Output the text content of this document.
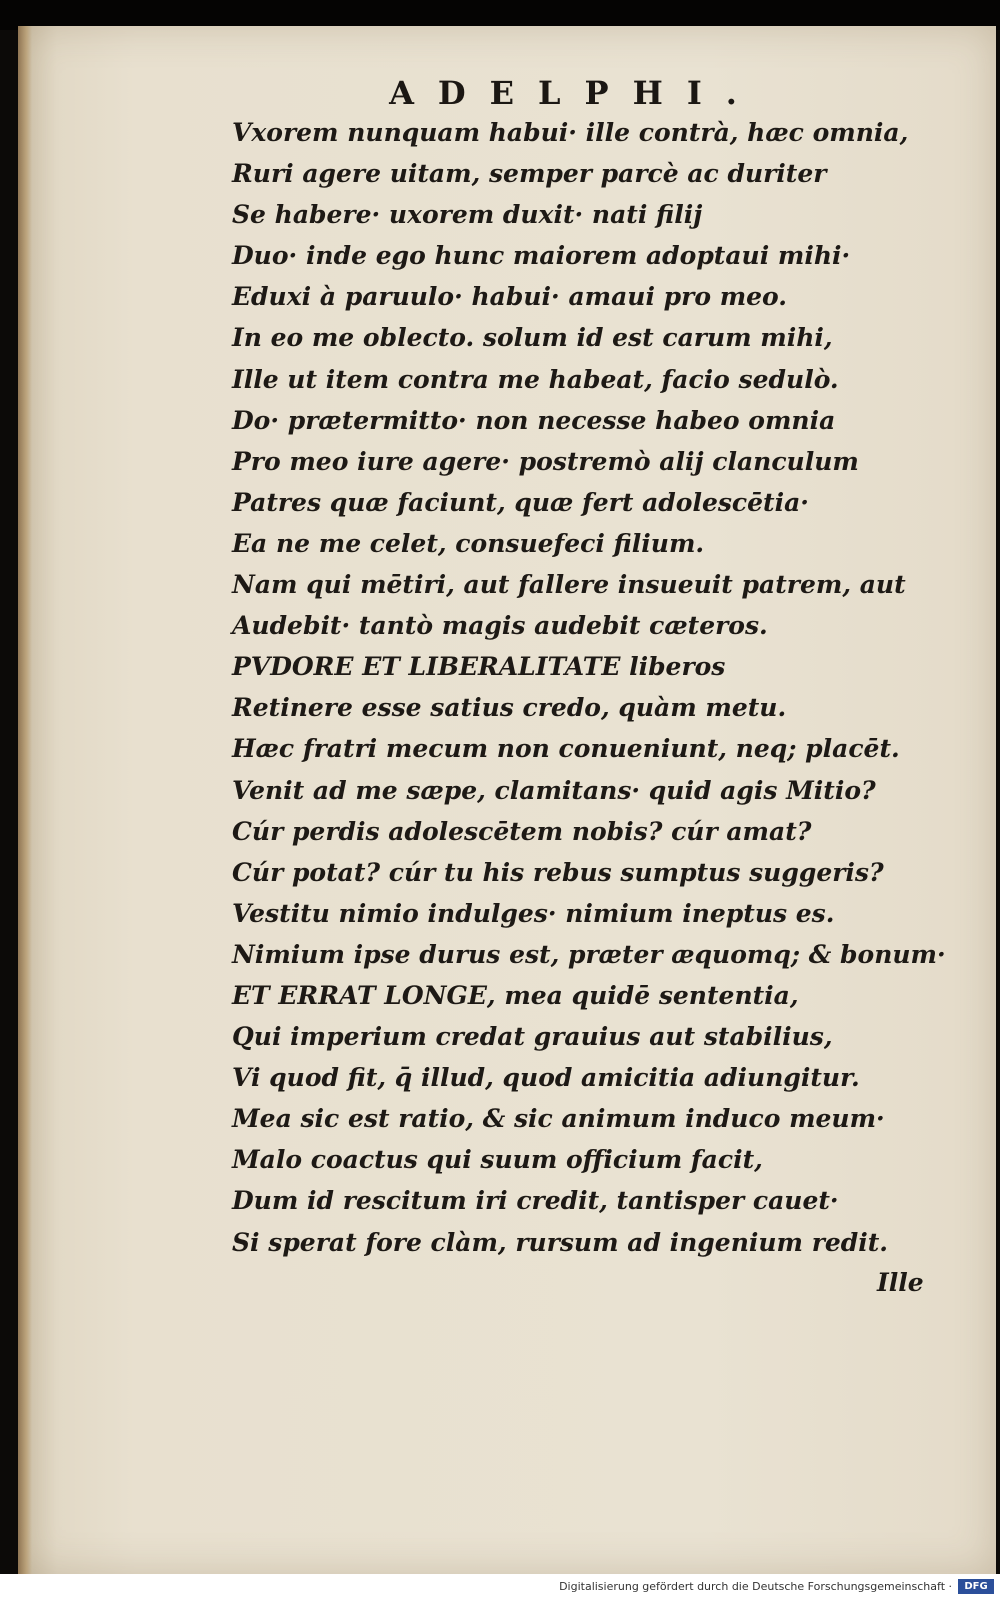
ADELPHI.
Vxorem nunquam habui· ille contrà, hæc omnia,
Ruri agere uitam, semper parcè ac duriter
Se habere· uxorem duxit· nati filij
Duo· inde ego hunc maiorem adoptaui mihi·
Eduxi à paruulo· habui· amaui pro meo.
In eo me oblecto. solum id est carum mihi,
Ille ut item contra me habeat, facio sedulò.
Do· prætermitto· non necesse habeo omnia
Pro meo iure agere· postremò alij clanculum
Patres quæ faciunt, quæ fert adolescētia·
Ea ne me celet, consuefeci filium.
Nam qui mētiri, aut fallere insueuit patrem, aut
Audebit· tantò magis audebit cæteros.
PVDORE ET LIBERALITATE liberos
Retinere esse satius credo, quàm metu.
Hæc fratri mecum non conueniunt, neq; placēt.
Venit ad me sæpe, clamitans· quid agis Mitio?
Cúr perdis adolescētem nobis? cúr amat?
Cúr potat? cúr tu his rebus sumptus suggeris?
Vestitu nimio indulges· nimium ineptus es.
Nimium ipse durus est, præter æquomq; & bonum·
ET ERRAT LONGE, mea quidē sententia,
Qui imperium credat grauius aut stabilius,
Vi quod fit, q̄ illud, quod amicitia adiungitur.
Mea sic est ratio, & sic animum induco meum·
Malo coactus qui suum officium facit,
Dum id rescitum iri credit, tantisper cauet·
Si sperat fore clàm, rursum ad ingenium redit.
Ille
Digitalisierung gefördert durch die Deutsche Forschungsgemeinschaft ·	DFG
